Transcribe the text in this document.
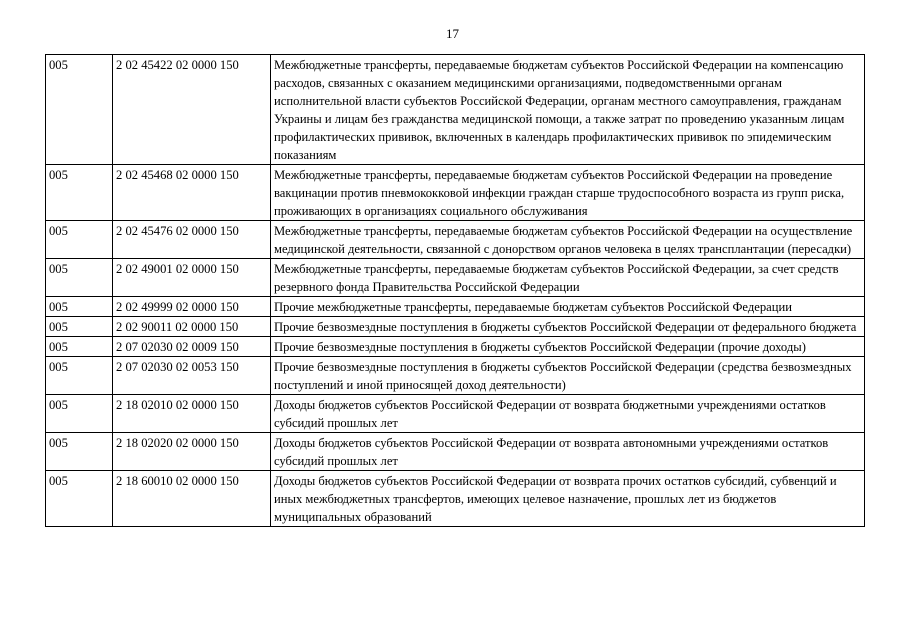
17
005	2 02 45422 02 0000 150	Межбюджетные трансферты, передаваемые бюджетам субъектов Российской Федерации на компенсацию расходов, связанных с оказанием медицинскими организациями, подведомственными органам исполнительной власти субъектов Российской Федерации, органам местного самоуправления, гражданам Украины и лицам без гражданства медицинской помощи, а также затрат по проведению указанным лицам профилактических прививок, включенных в календарь профилактических прививок по эпидемическим показаниям
005	2 02 45468 02 0000 150	Межбюджетные трансферты, передаваемые бюджетам субъектов Российской Федерации на проведение вакцинации против пневмококковой инфекции граждан старше трудоспособного возраста из групп риска, проживающих в организациях социального обслуживания
005	2 02 45476 02 0000 150	Межбюджетные трансферты, передаваемые бюджетам субъектов Российской Федерации на осуществление медицинской деятельности, связанной с донорством органов человека в целях трансплантации (пересадки)
005	2 02 49001 02 0000 150	Межбюджетные трансферты, передаваемые бюджетам субъектов Российской Федерации, за счет средств резервного фонда Правительства Российской Федерации
005	2 02 49999 02 0000 150	Прочие межбюджетные трансферты, передаваемые бюджетам субъектов Российской Федерации
005	2 02 90011 02 0000 150	Прочие безвозмездные поступления в бюджеты субъектов Российской Федерации от федерального бюджета
005	2 07 02030 02 0009 150	Прочие безвозмездные поступления в бюджеты субъектов Российской Федерации (прочие доходы)
005	2 07 02030 02 0053 150	Прочие безвозмездные поступления в бюджеты субъектов Российской Федерации (средства безвозмездных поступлений и иной приносящей доход деятельности)
005	2 18 02010 02 0000 150	Доходы бюджетов субъектов Российской Федерации от возврата бюджетными учреждениями остатков субсидий прошлых лет
005	2 18 02020 02 0000 150	Доходы бюджетов субъектов Российской Федерации от возврата автономными учреждениями остатков субсидий прошлых лет
005	2 18 60010 02 0000 150	Доходы бюджетов субъектов Российской Федерации от возврата прочих остатков субсидий, субвенций и иных межбюджетных трансфертов, имеющих целевое назначение, прошлых лет из бюджетов муниципальных образований
